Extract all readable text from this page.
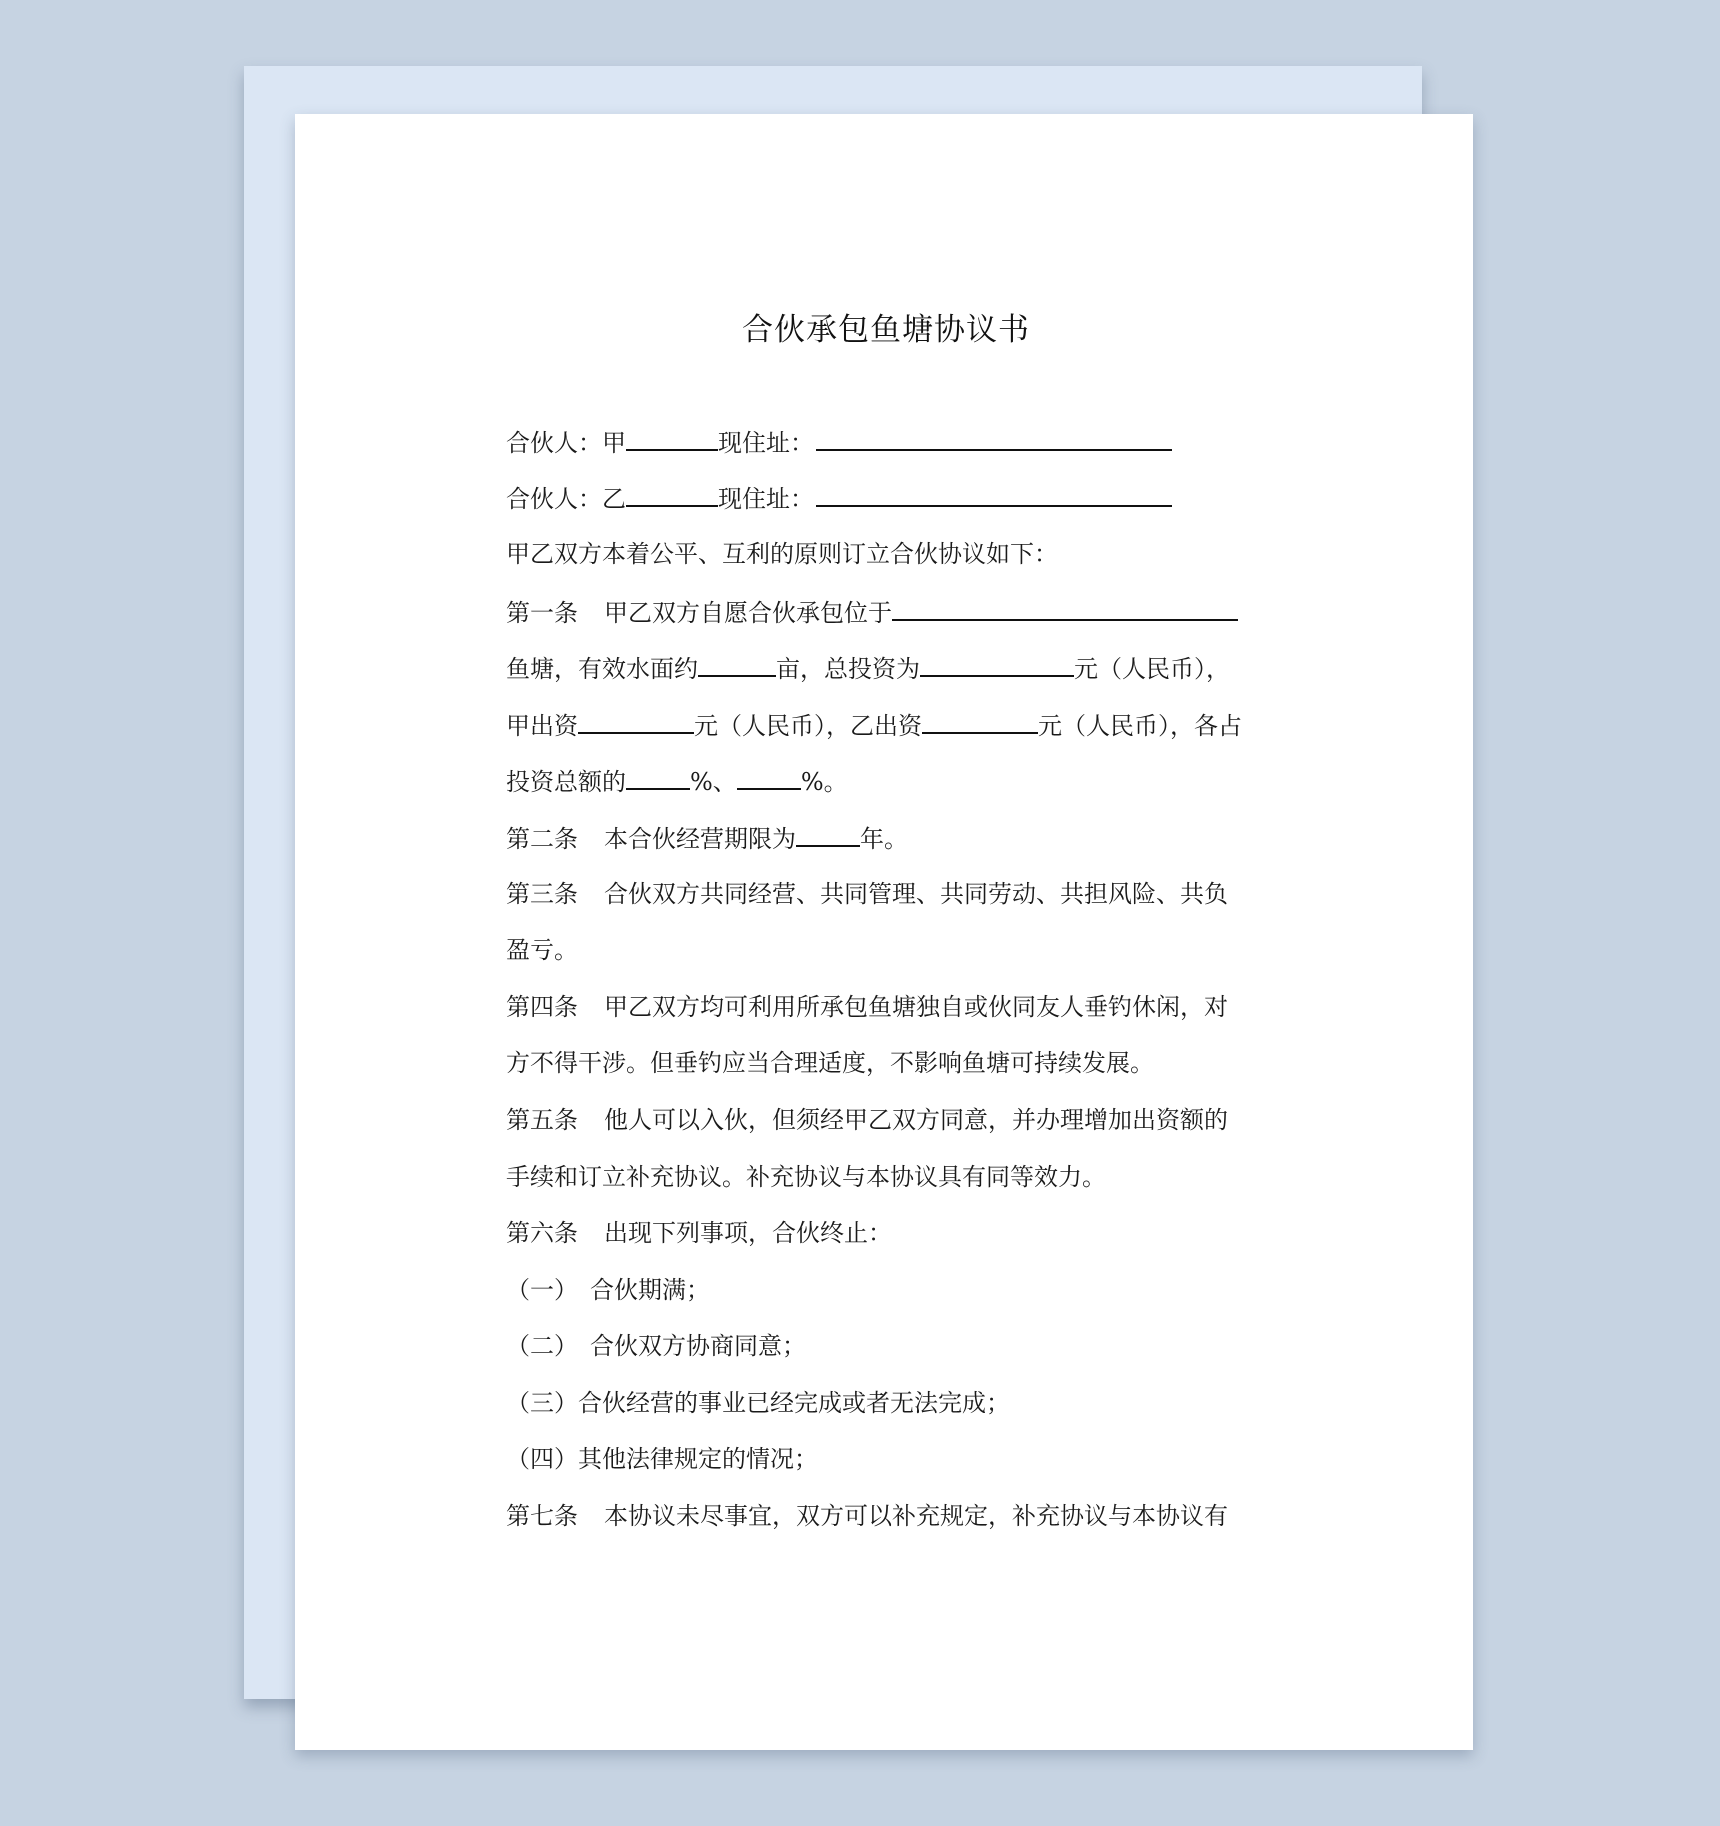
合伙承包鱼塘协议书
合伙人：甲	现住址：
合伙人：乙	现住址：
甲乙双方本着公平、互利的原则订立合伙协议如下：
第一条 甲乙双方自愿合伙承包位于
鱼塘，有效水面约	亩，总投资为	元（人民币），
甲出资	元（人民币），乙出资	元（人民币），各占
投资总额的	%、	%。
第二条 本合伙经营期限为	年。
第三条 合伙双方共同经营、共同管理、共同劳动、共担风险、共负
盈亏。
第四条 甲乙双方均可利用所承包鱼塘独自或伙同友人垂钓休闲，对
方不得干涉。但垂钓应当合理适度，不影响鱼塘可持续发展。
第五条 他人可以入伙，但须经甲乙双方同意，并办理增加出资额的
手续和订立补充协议。补充协议与本协议具有同等效力。
第六条 出现下列事项，合伙终止：
（一） 合伙期满；
（二） 合伙双方协商同意；
（三）合伙经营的事业已经完成或者无法完成；
（四）其他法律规定的情况；
第七条 本协议未尽事宜，双方可以补充规定，补充协议与本协议有
